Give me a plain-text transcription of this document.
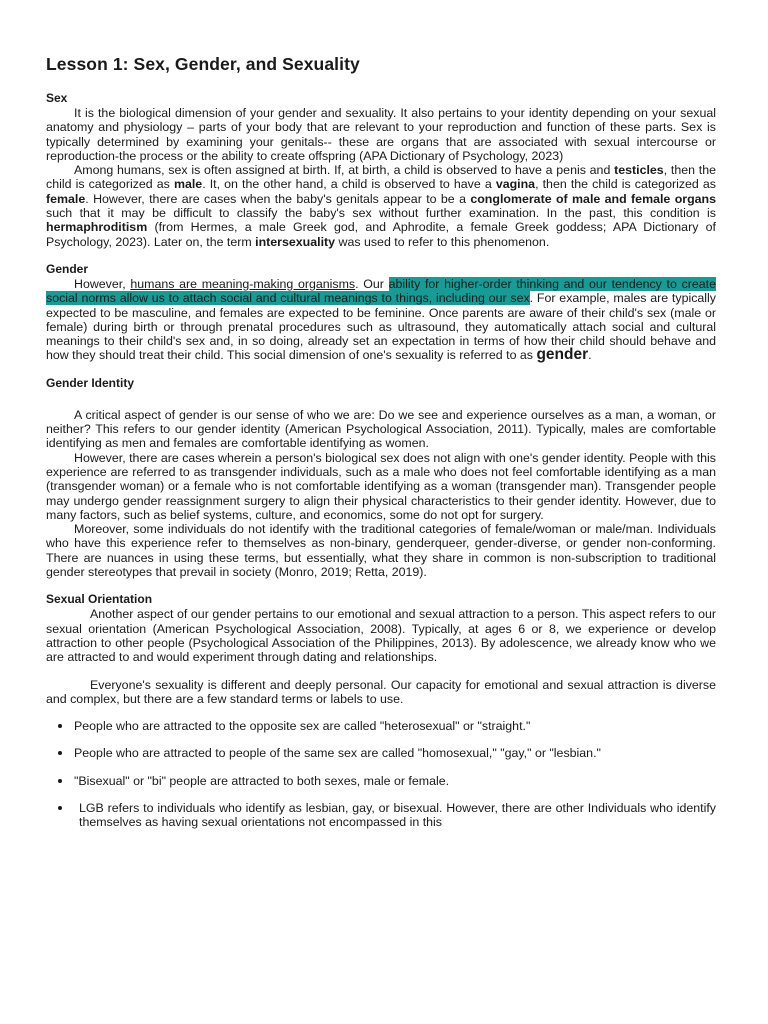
Lesson 1: Sex, Gender, and Sexuality
Sex

It is the biological dimension of your gender and sexuality. It also pertains to your identity depending on your sexual anatomy and physiology – parts of your body that are relevant to your reproduction and function of these parts. Sex is typically determined by examining your genitals-- these are organs that are associated with sexual intercourse or reproduction-the process or the ability to create offspring (APA Dictionary of Psychology, 2023)

Among humans, sex is often assigned at birth. If, at birth, a child is observed to have a penis and testicles, then the child is categorized as male. It, on the other hand, a child is observed to have a vagina, then the child is categorized as female. However, there are cases when the baby's genitals appear to be a conglomerate of male and female organs such that it may be difficult to classify the baby's sex without further examination. In the past, this condition is hermaphroditism (from Hermes, a male Greek god, and Aphrodite, a female Greek goddess; APA Dictionary of Psychology, 2023). Later on, the term intersexuality was used to refer to this phenomenon.

Gender

However, humans are meaning-making organisms. Our ability for higher-order thinking and our tendency to create social norms allow us to attach social and cultural meanings to things, including our sex. For example, males are typically expected to be masculine, and females are expected to be feminine. Once parents are aware of their child's sex (male or female) during birth or through prenatal procedures such as ultrasound, they automatically attach social and cultural meanings to their child's sex and, in so doing, already set an expectation in terms of how their child should behave and how they should treat their child. This social dimension of one's sexuality is referred to as gender.

Gender Identity

A critical aspect of gender is our sense of who we are: Do we see and experience ourselves as a man, a woman, or neither? This refers to our gender identity (American Psychological Association, 2011). Typically, males are comfortable identifying as men and females are comfortable identifying as women.

However, there are cases wherein a person's biological sex does not align with one's gender identity. People with this experience are referred to as transgender individuals, such as a male who does not feel comfortable identifying as a man (transgender woman) or a female who is not comfortable identifying as a woman (transgender man). Transgender people may undergo gender reassignment surgery to align their physical characteristics to their gender identity. However, due to many factors, such as belief systems, culture, and economics, some do not opt for surgery.

Moreover, some individuals do not identify with the traditional categories of female/woman or male/man. Individuals who have this experience refer to themselves as non-binary, genderqueer, gender-diverse, or gender non-conforming. There are nuances in using these terms, but essentially, what they share in common is non-subscription to traditional gender stereotypes that prevail in society (Monro, 2019; Retta, 2019).

Sexual Orientation

Another aspect of our gender pertains to our emotional and sexual attraction to a person. This aspect refers to our sexual orientation (American Psychological Association, 2008). Typically, at ages 6 or 8, we experience or develop attraction to other people (Psychological Association of the Philippines, 2013). By adolescence, we already know who we are attracted to and would experiment through dating and relationships.

Everyone's sexuality is different and deeply personal. Our capacity for emotional and sexual attraction is diverse and complex, but there are a few standard terms or labels to use.

People who are attracted to the opposite sex are called "heterosexual" or "straight."
People who are attracted to people of the same sex are called "homosexual," "gay," or "lesbian."
"Bisexual" or "bi" people are attracted to both sexes, male or female.
LGB refers to individuals who identify as lesbian, gay, or bisexual. However, there are other Individuals who identify themselves as having sexual orientations not encompassed in this
